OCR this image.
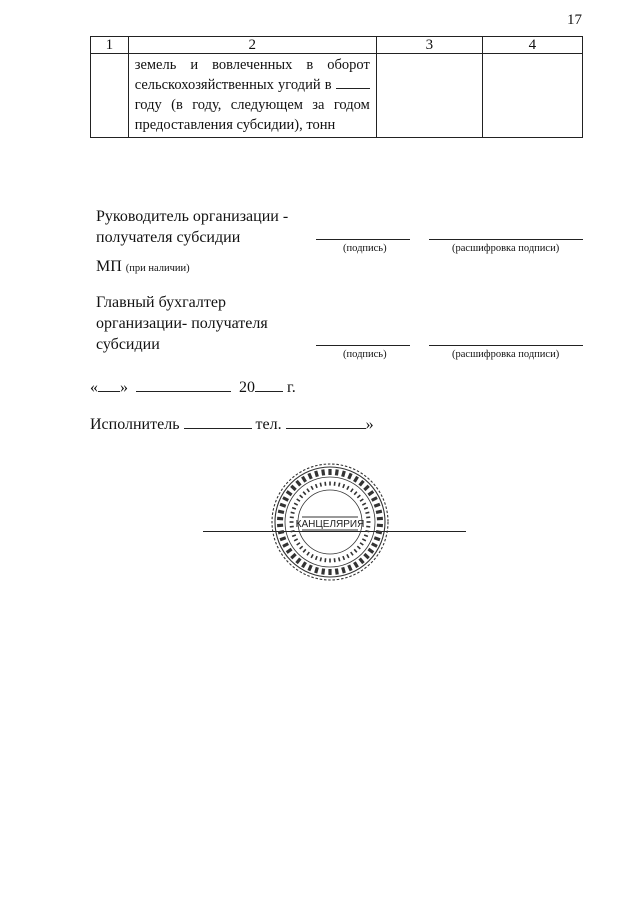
17
1	2	3	4

	земель и вовлеченных в оборот сельскохозяйственных угодий в  году (в году, следующем за годом предоставления субсидии), тонн		

Руководитель организации -
получателя субсидии
(подпись)	(расшифровка подписи)
МП (при наличии)
Главный бухгалтер
организации- получателя
субсидии
(подпись)	(расшифровка подписи)
« »	20 г.
Исполнитель	тел.	»
КАНЦЕЛЯРИЯ
